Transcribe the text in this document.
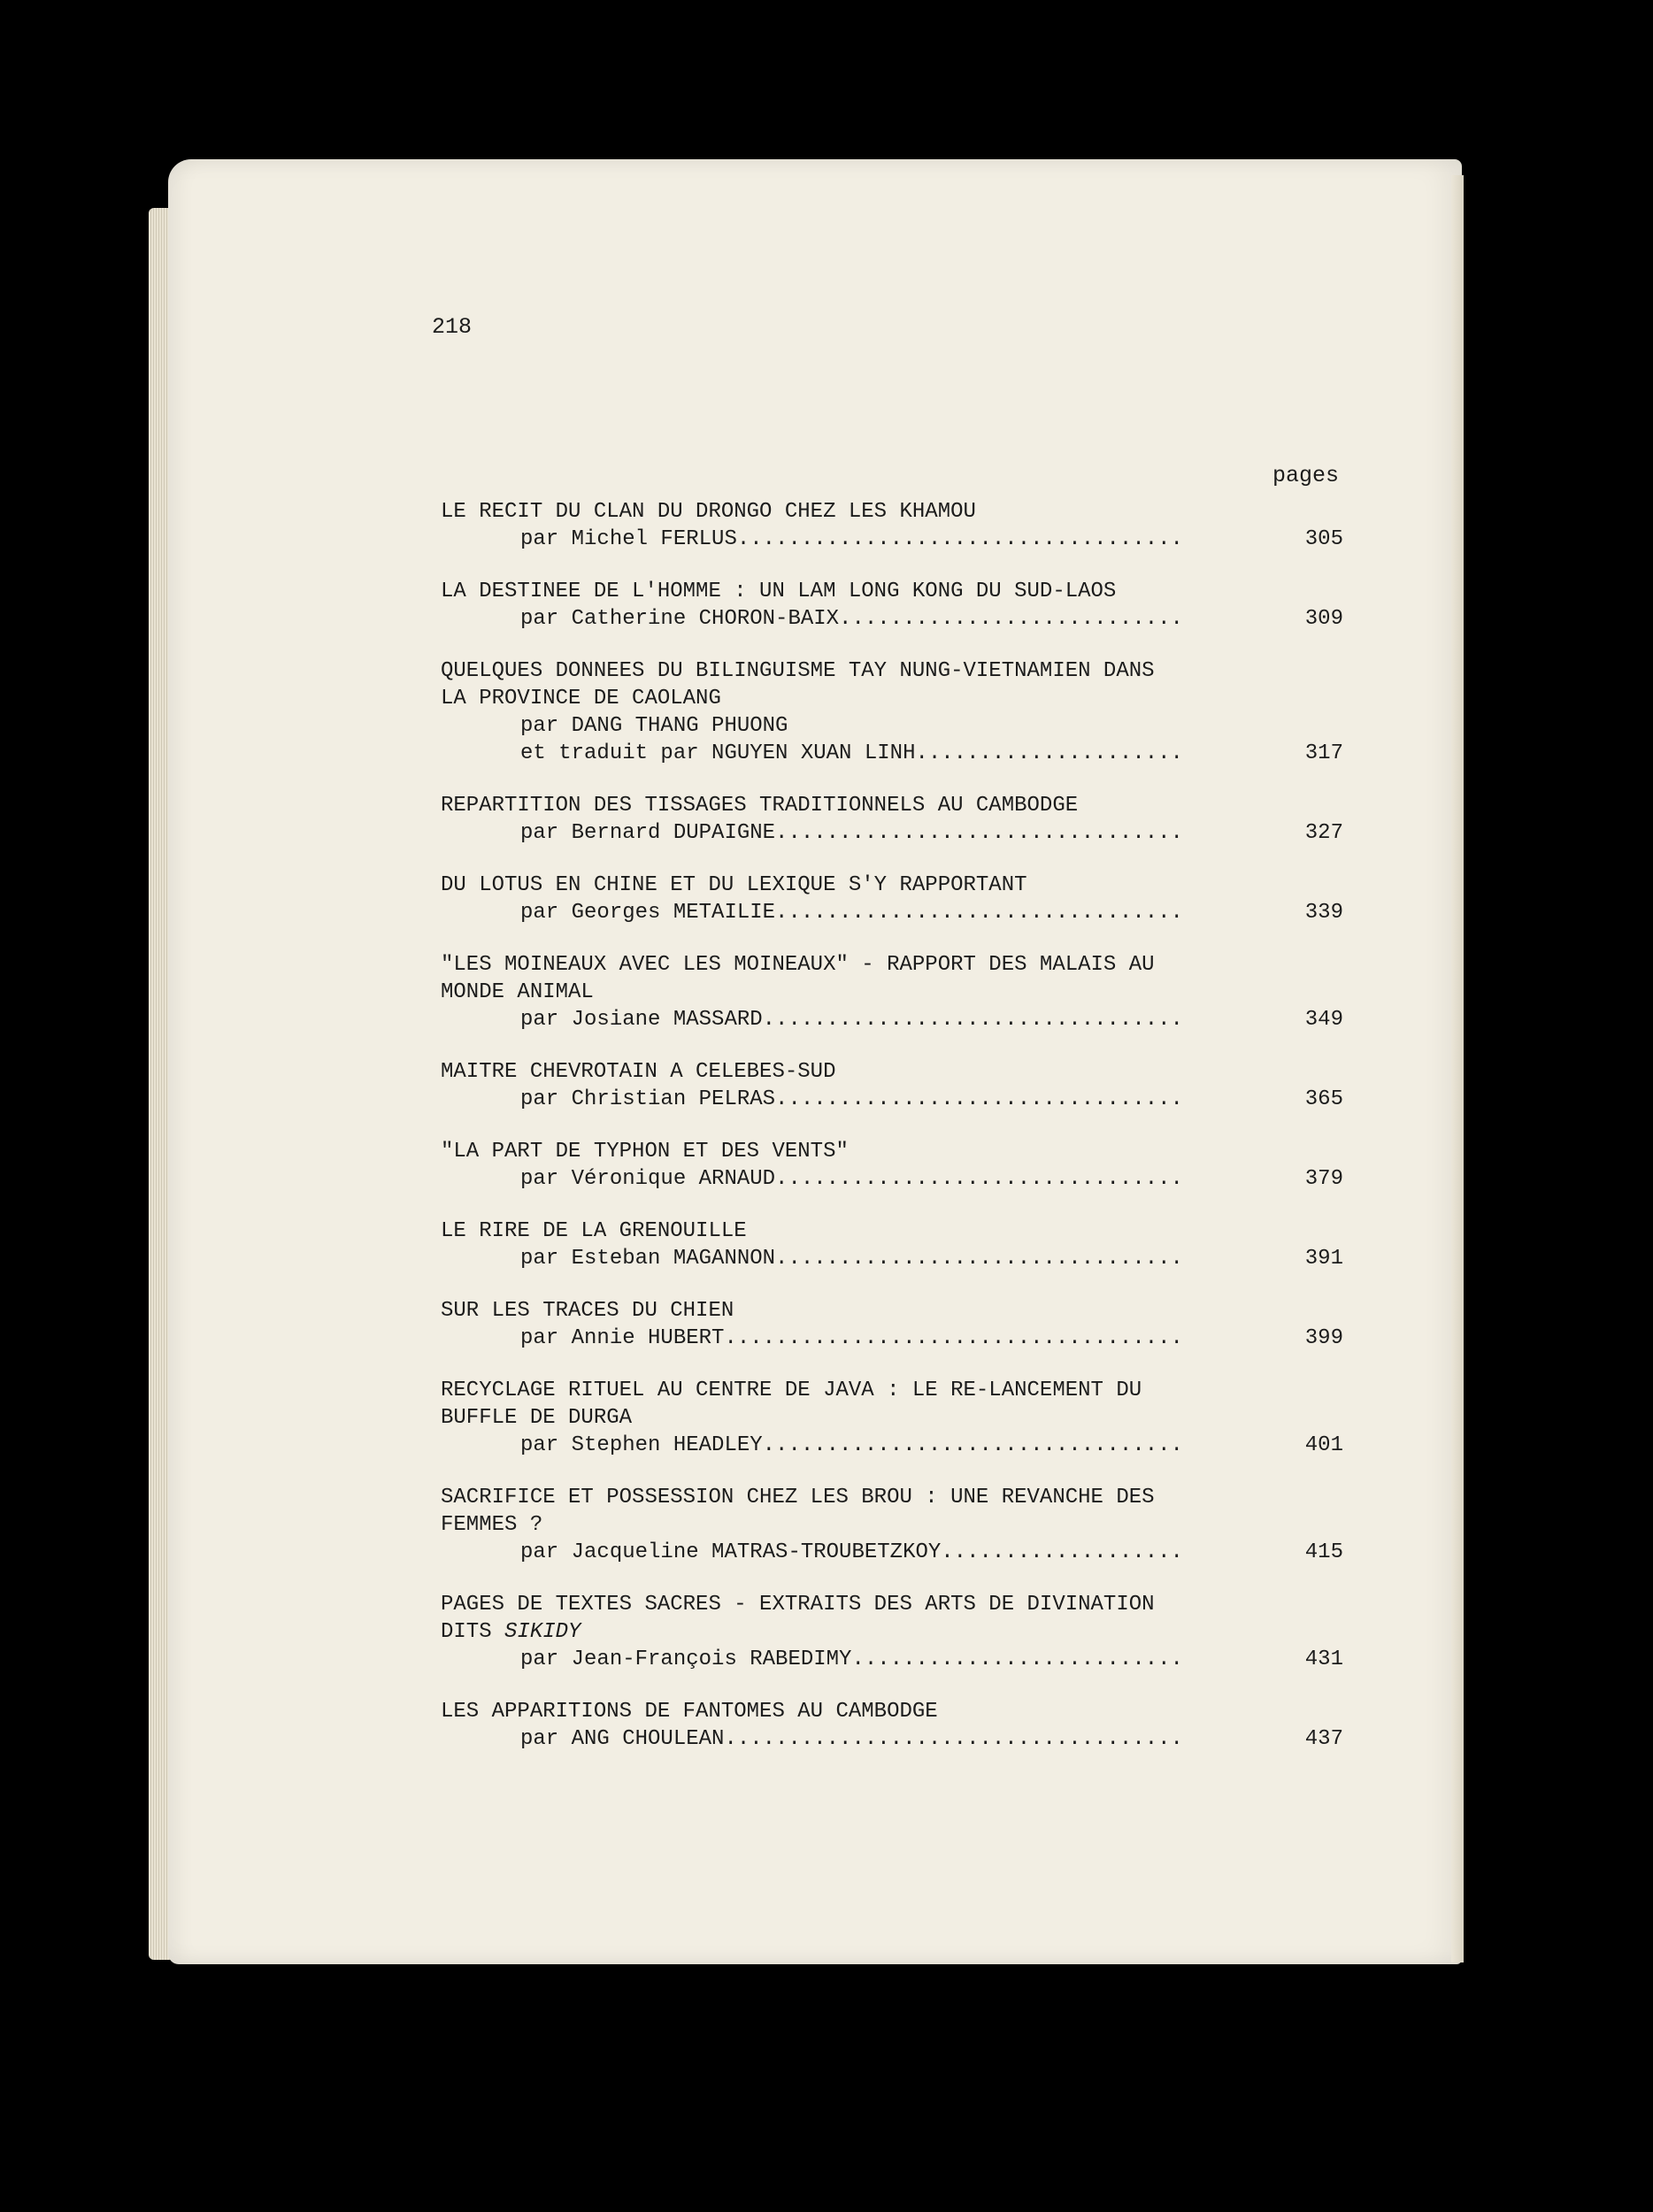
218
pages
LE RECIT DU CLAN DU DRONGO CHEZ LES KHAMOU
par Michel FERLUS...................................	305
LA DESTINEE DE L'HOMME : UN LAM LONG KONG DU SUD-LAOS
par Catherine CHORON-BAIX...........................	309
QUELQUES DONNEES DU BILINGUISME TAY NUNG-VIETNAMIEN DANS
LA PROVINCE DE CAOLANG
par DANG THANG PHUONG
et traduit par NGUYEN XUAN LINH.....................	317
REPARTITION DES TISSAGES TRADITIONNELS AU CAMBODGE
par Bernard DUPAIGNE................................	327
DU LOTUS EN CHINE ET DU LEXIQUE S'Y RAPPORTANT
par Georges METAILIE................................	339
"LES MOINEAUX AVEC LES MOINEAUX" - RAPPORT DES MALAIS AU
MONDE ANIMAL
par Josiane MASSARD.................................	349
MAITRE CHEVROTAIN A CELEBES-SUD
par Christian PELRAS................................	365
"LA PART DE TYPHON ET DES VENTS"
par Véronique ARNAUD................................	379
LE RIRE DE LA GRENOUILLE
par Esteban MAGANNON................................	391
SUR LES TRACES DU CHIEN
par Annie HUBERT....................................	399
RECYCLAGE RITUEL AU CENTRE DE JAVA : LE RE-LANCEMENT DU
BUFFLE DE DURGA
par Stephen HEADLEY.................................	401
SACRIFICE ET POSSESSION CHEZ LES BROU : UNE REVANCHE DES
FEMMES ?
par Jacqueline MATRAS-TROUBETZKOY...................	415
PAGES DE TEXTES SACRES - EXTRAITS DES ARTS DE DIVINATION
DITS SIKIDY
par Jean-François RABEDIMY..........................	431
LES APPARITIONS DE FANTOMES AU CAMBODGE
par ANG CHOULEAN....................................	437
